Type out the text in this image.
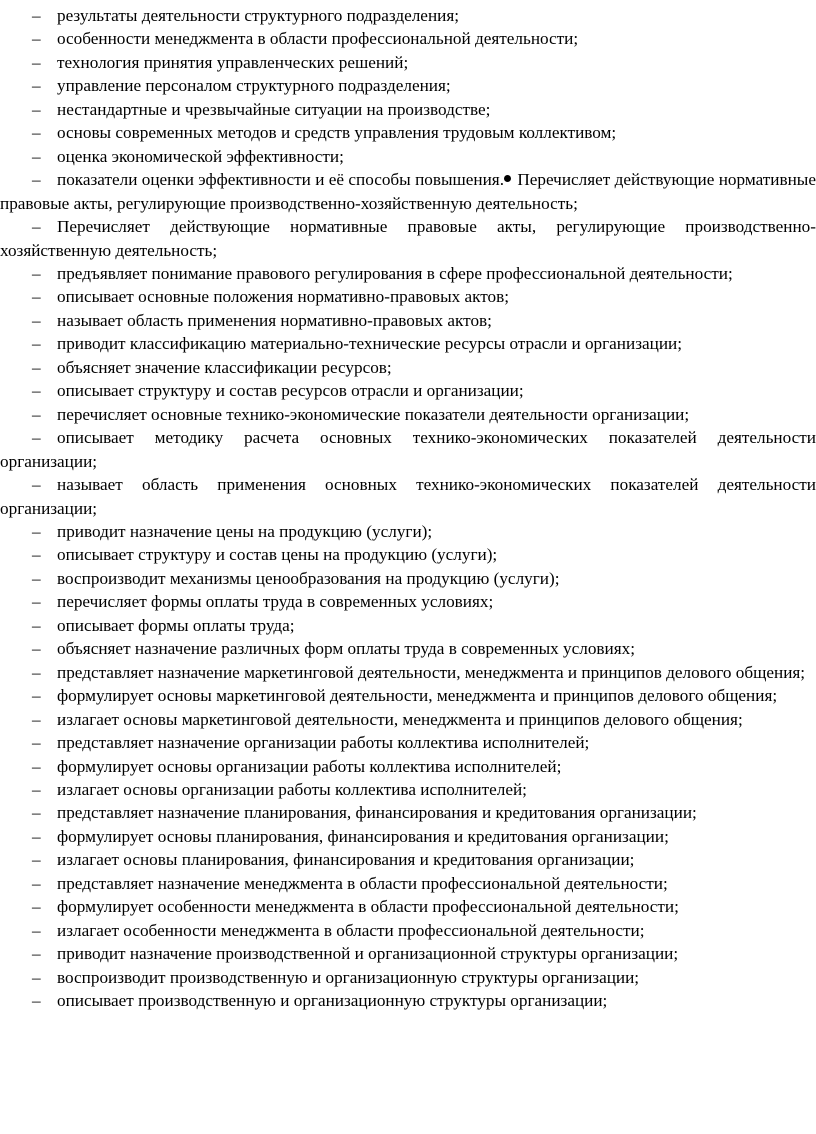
– результаты деятельности структурного подразделения;

– особенности менеджмента в области профессиональной деятельности;

– технология принятия управленческих решений;

– управление персоналом структурного подразделения;

– нестандартные и чрезвычайные ситуации на производстве;

– основы современных методов и средств управления трудовым коллективом;

– оценка экономической эффективности;

– показатели оценки эффективности и её способы повышения. Перечисляет действующие нормативные правовые акты, регулирующие производственно-хозяйственную деятельность;

– Перечисляет действующие нормативные правовые акты, регулирующие производственно-хозяйственную деятельность;

– предъявляет понимание правового регулирования в сфере профессиональной деятельности;

– описывает основные положения нормативно-правовых актов;

– называет область применения нормативно-правовых актов;

– приводит классификацию материально-технические ресурсы отрасли и организации;

– объясняет значение классификации ресурсов;

– описывает структуру и состав ресурсов отрасли и организации;

– перечисляет основные технико-экономические показатели деятельности организации;

– описывает методику расчета основных технико-экономических показателей деятельности организации;

– называет область применения основных технико-экономических показателей деятельности организации;

– приводит назначение цены на продукцию (услуги);

– описывает структуру и состав цены на продукцию (услуги);

– воспроизводит механизмы ценообразования на продукцию (услуги);

– перечисляет формы оплаты труда в современных условиях;

– описывает формы оплаты труда;

– объясняет назначение различных форм оплаты труда в современных условиях;

– представляет назначение маркетинговой деятельности, менеджмента и принципов делового общения;

– формулирует основы маркетинговой деятельности, менеджмента и принципов делового общения;

– излагает основы маркетинговой деятельности, менеджмента и принципов делового общения;

– представляет назначение организации работы коллектива исполнителей;

– формулирует основы организации работы коллектива исполнителей;

– излагает основы организации работы коллектива исполнителей;

– представляет назначение планирования, финансирования и кредитования организации;

– формулирует основы планирования, финансирования и кредитования организации;

– излагает основы планирования, финансирования и кредитования организации;

– представляет назначение менеджмента в области профессиональной деятельности;

– формулирует особенности менеджмента в области профессиональной деятельности;

– излагает особенности менеджмента в области профессиональной деятельности;

– приводит назначение производственной и организационной структуры организации;

– воспроизводит производственную и организационную структуры организации;

– описывает производственную и организационную структуры организации;
